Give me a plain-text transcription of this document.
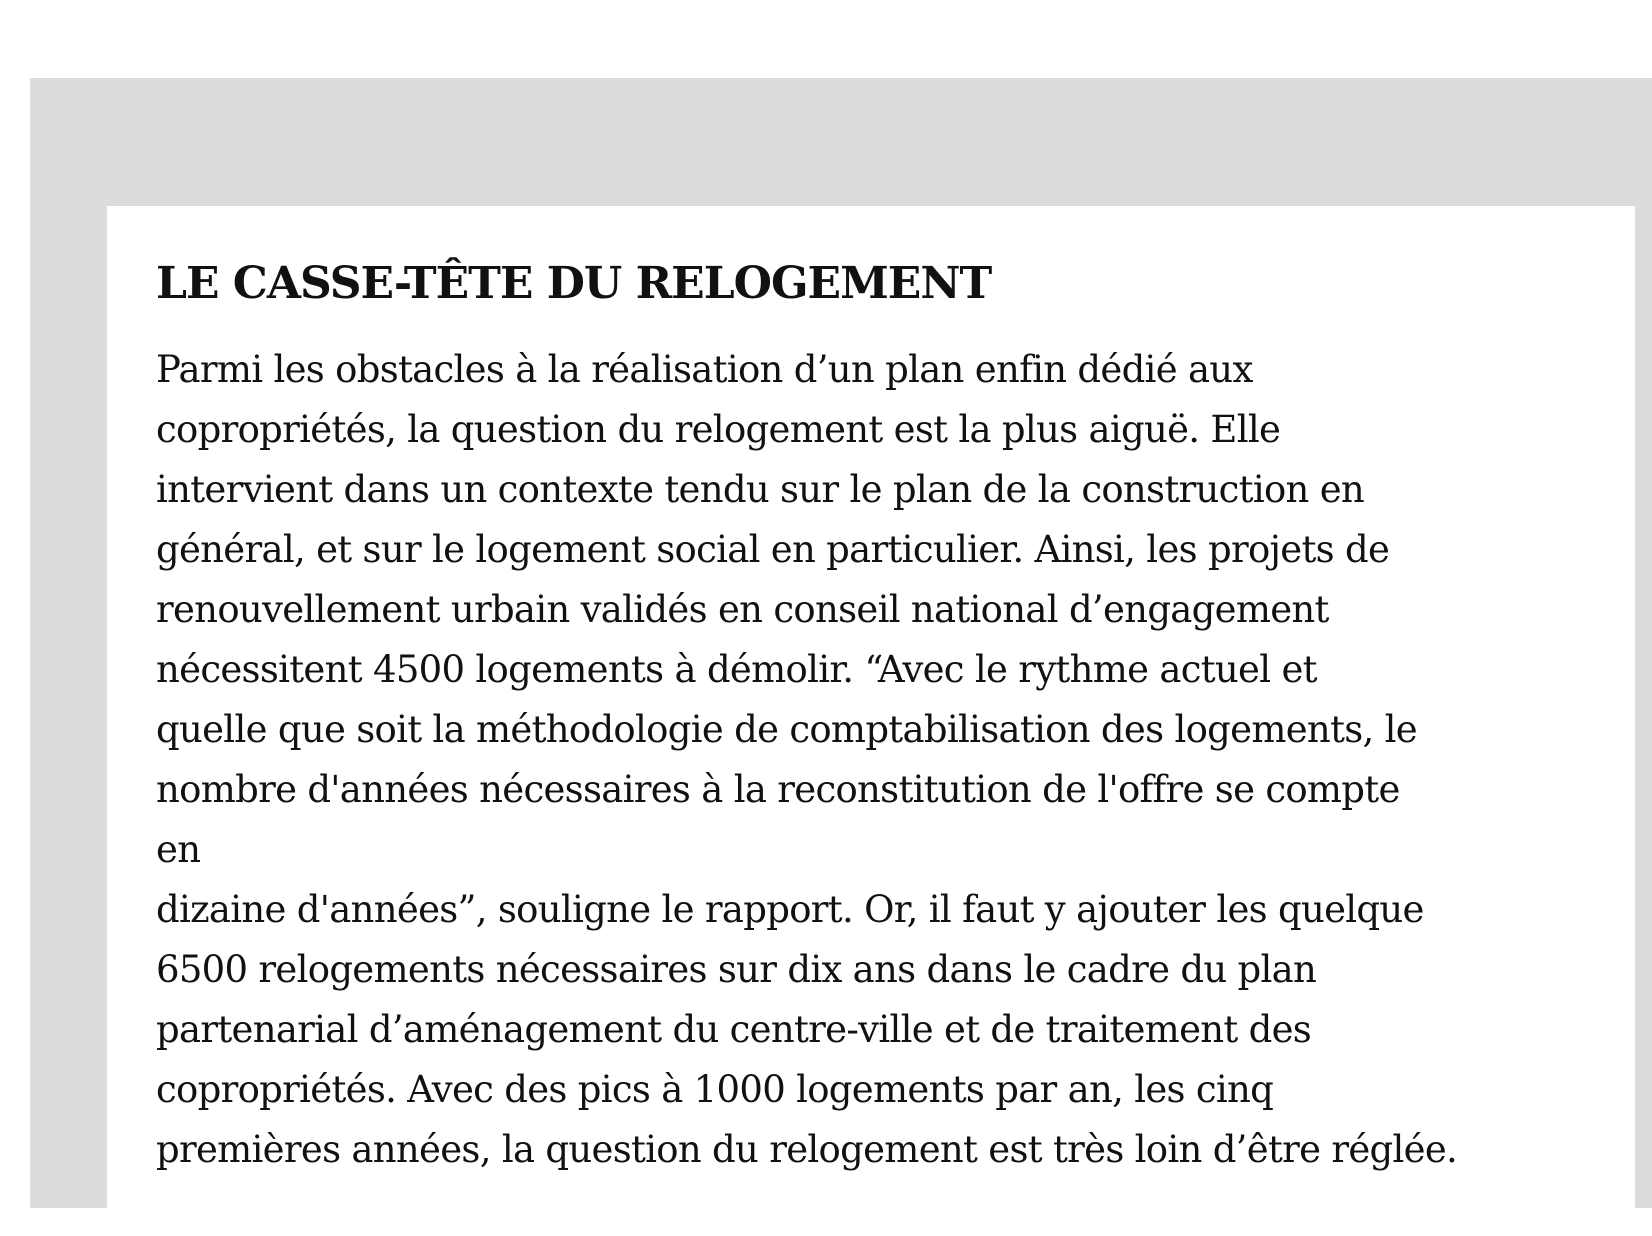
LE CASSE-TÊTE DU RELOGEMENT

Parmi les obstacles à la réalisation d’un plan enfin dédié aux
copropriétés, la question du relogement est la plus aiguë. Elle
intervient dans un contexte tendu sur le plan de la construction en
général, et sur le logement social en particulier. Ainsi, les projets de
renouvellement urbain validés en conseil national d’engagement
nécessitent 4500 logements à démolir. “Avec le rythme actuel et
quelle que soit la méthodologie de comptabilisation des logements, le
nombre d'années nécessaires à la reconstitution de l'offre se compte
en
dizaine d'années”, souligne le rapport. Or, il faut y ajouter les quelque
6500 relogements nécessaires sur dix ans dans le cadre du plan
partenarial d’aménagement du centre-ville et de traitement des
copropriétés. Avec des pics à 1000 logements par an, les cinq
premières années, la question du relogement est très loin d’être réglée.
